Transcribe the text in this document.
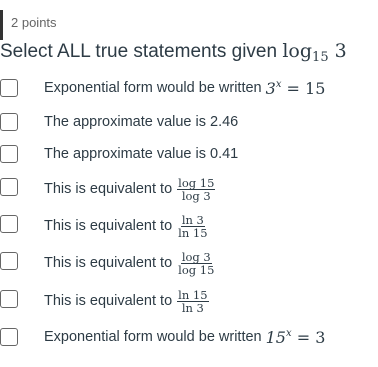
2 points
Select ALL true statements given $\log_{15} 3$
Exponential form would be written $3^x = 15$
The approximate value is 2.46
The approximate value is 0.41
This is equivalent to $\frac{\log 15}{\log 3}$
This is equivalent to $\frac{\ln 3}{\ln 15}$
This is equivalent to $\frac{\log 3}{\log 15}$
This is equivalent to $\frac{\ln 15}{\ln 3}$
Exponential form would be written $15^x = 3$
